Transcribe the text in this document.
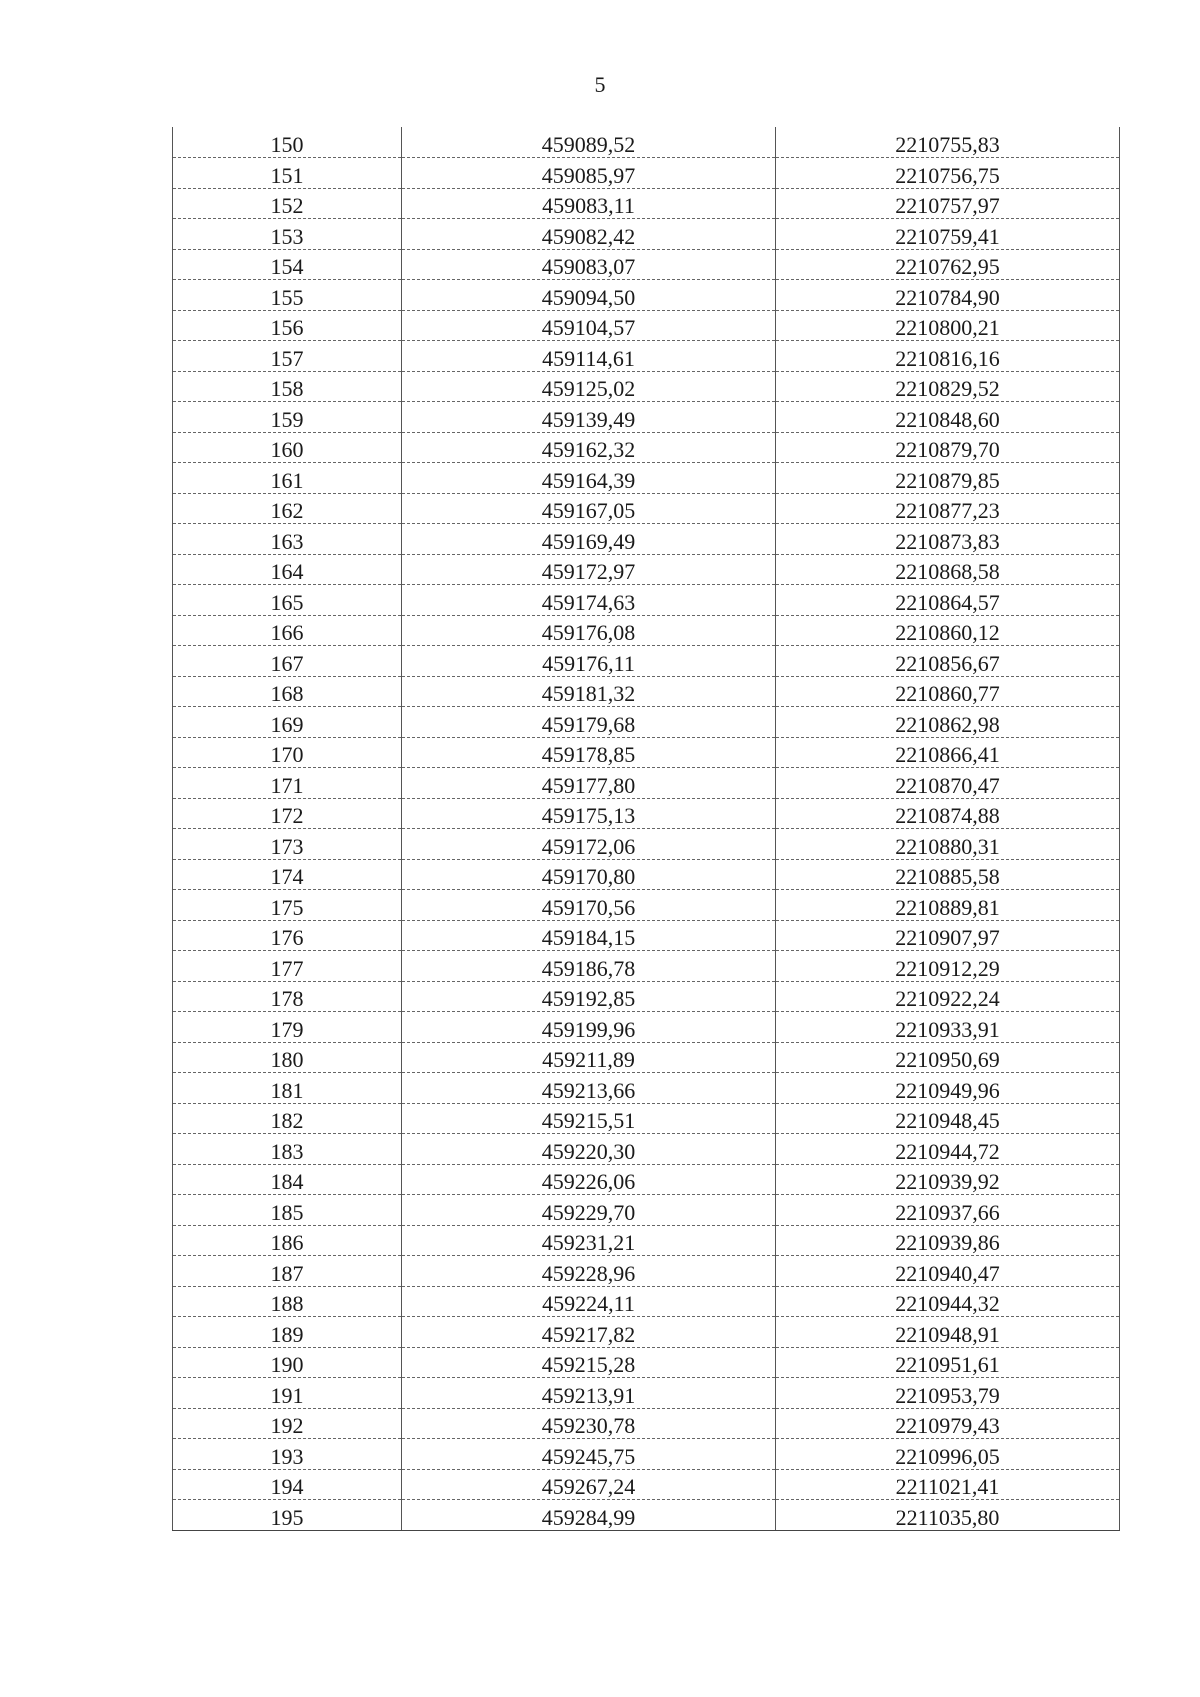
5
150	459089,52	2210755,83
151	459085,97	2210756,75
152	459083,11	2210757,97
153	459082,42	2210759,41
154	459083,07	2210762,95
155	459094,50	2210784,90
156	459104,57	2210800,21
157	459114,61	2210816,16
158	459125,02	2210829,52
159	459139,49	2210848,60
160	459162,32	2210879,70
161	459164,39	2210879,85
162	459167,05	2210877,23
163	459169,49	2210873,83
164	459172,97	2210868,58
165	459174,63	2210864,57
166	459176,08	2210860,12
167	459176,11	2210856,67
168	459181,32	2210860,77
169	459179,68	2210862,98
170	459178,85	2210866,41
171	459177,80	2210870,47
172	459175,13	2210874,88
173	459172,06	2210880,31
174	459170,80	2210885,58
175	459170,56	2210889,81
176	459184,15	2210907,97
177	459186,78	2210912,29
178	459192,85	2210922,24
179	459199,96	2210933,91
180	459211,89	2210950,69
181	459213,66	2210949,96
182	459215,51	2210948,45
183	459220,30	2210944,72
184	459226,06	2210939,92
185	459229,70	2210937,66
186	459231,21	2210939,86
187	459228,96	2210940,47
188	459224,11	2210944,32
189	459217,82	2210948,91
190	459215,28	2210951,61
191	459213,91	2210953,79
192	459230,78	2210979,43
193	459245,75	2210996,05
194	459267,24	2211021,41
195	459284,99	2211035,80
